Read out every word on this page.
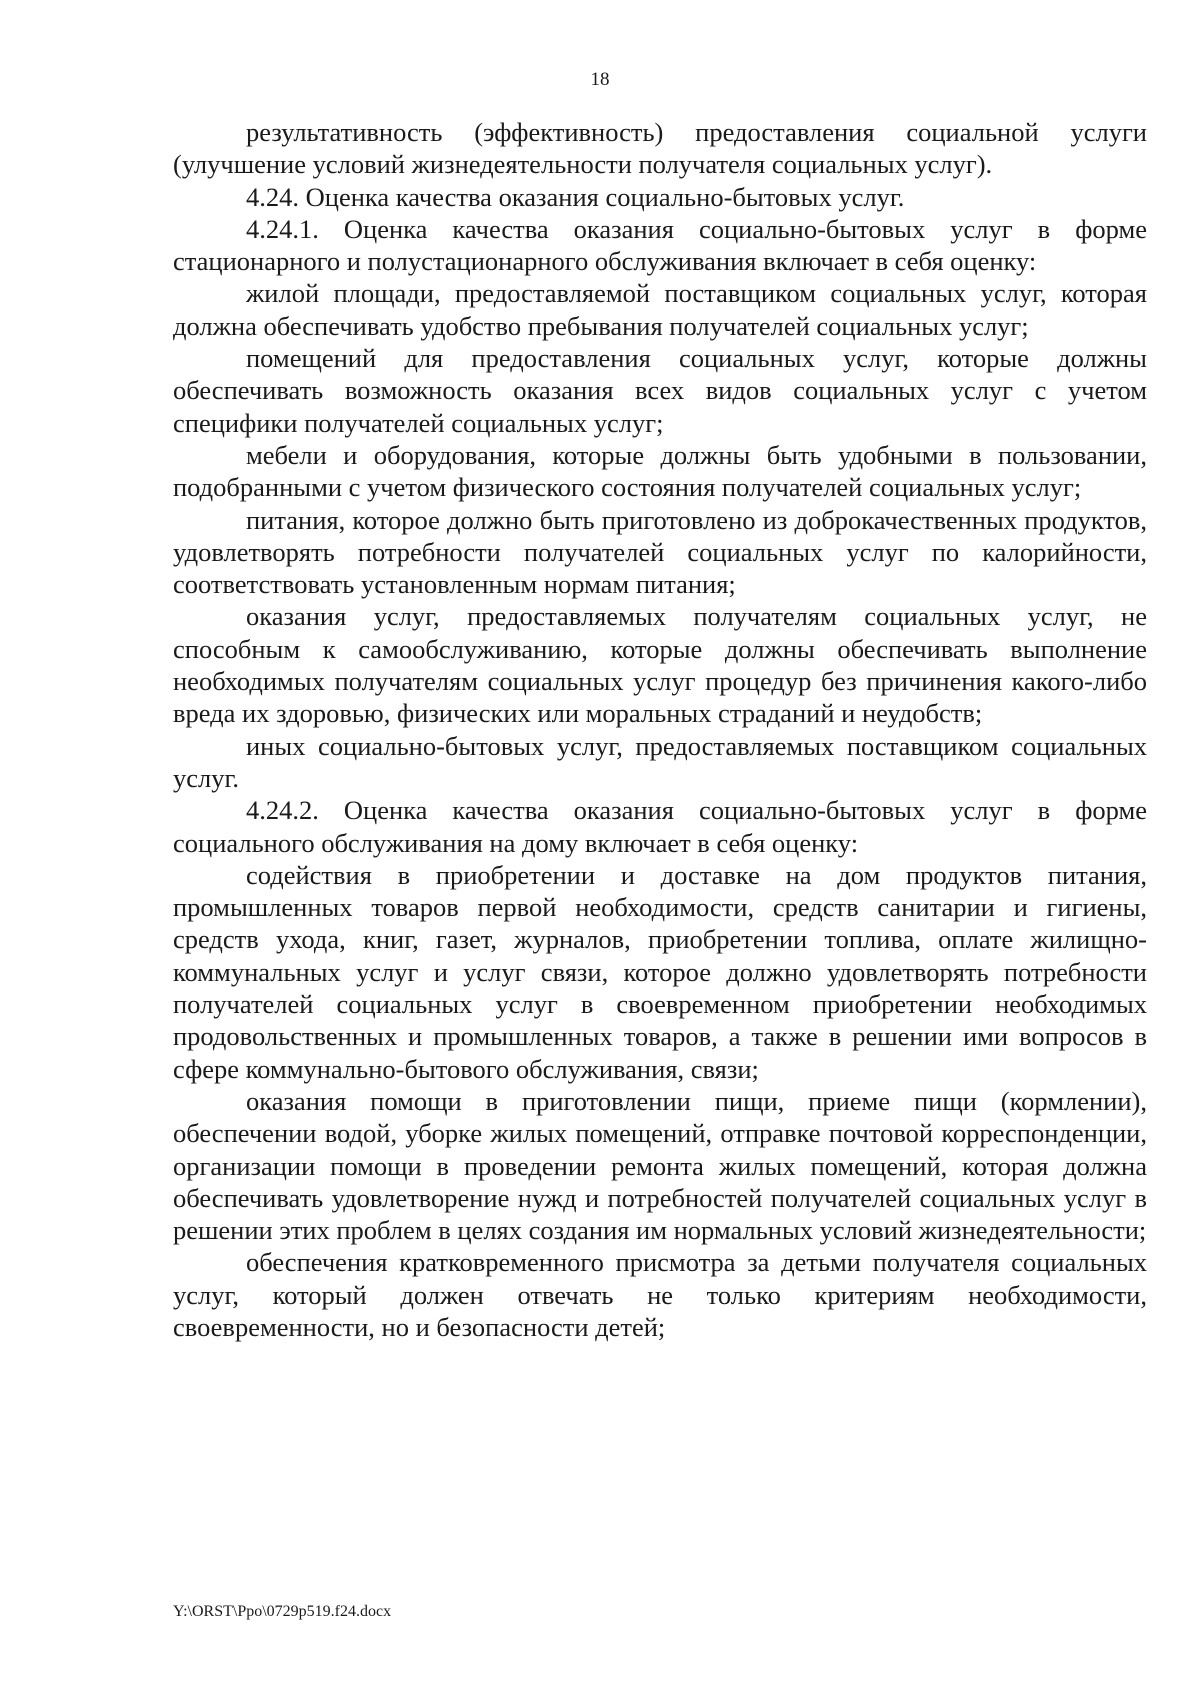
18

результативность (эффективность) предоставления социальной услуги (улучшение условий жизнедеятельности получателя социальных услуг).

4.24. Оценка качества оказания социально-бытовых услуг.

4.24.1. Оценка качества оказания социально-бытовых услуг в форме стационарного и полустационарного обслуживания включает в себя оценку:

жилой площади, предоставляемой поставщиком социальных услуг, которая должна обеспечивать удобство пребывания получателей социальных услуг;

помещений для предоставления социальных услуг, которые должны обеспечивать возможность оказания всех видов социальных услуг с учетом специфики получателей социальных услуг;

мебели и оборудования, которые должны быть удобными в пользовании, подобранными с учетом физического состояния получателей социальных услуг;

питания, которое должно быть приготовлено из доброкачественных продуктов, удовлетворять потребности получателей социальных услуг по калорийности, соответствовать установленным нормам питания;

оказания услуг, предоставляемых получателям социальных услуг, не способным к самообслуживанию, которые должны обеспечивать выполнение необходимых получателям социальных услуг процедур без причинения какого-либо вреда их здоровью, физических или моральных страданий и неудобств;

иных социально-бытовых услуг, предоставляемых поставщиком социальных услуг.

4.24.2. Оценка качества оказания социально-бытовых услуг в форме социального обслуживания на дому включает в себя оценку:

содействия в приобретении и доставке на дом продуктов питания, промышленных товаров первой необходимости, средств санитарии и гигиены, средств ухода, книг, газет, журналов, приобретении топлива, оплате жилищно-коммунальных услуг и услуг связи, которое должно удовлетворять потребности получателей социальных услуг в своевременном приобретении необходимых продовольственных и промышленных товаров, а также в решении ими вопросов в сфере коммунально-бытового обслуживания, связи;

оказания помощи в приготовлении пищи, приеме пищи (кормлении), обеспечении водой, уборке жилых помещений, отправке почтовой корреспонденции, организации помощи в проведении ремонта жилых помещений, которая должна обеспечивать удовлетворение нужд и потребностей получателей социальных услуг в решении этих проблем в целях создания им нормальных условий жизнедеятельности;

обеспечения кратковременного присмотра за детьми получателя социальных услуг, который должен отвечать не только критериям необходимости, своевременности, но и безопасности детей;

Y:\ORST\Ppo\0729p519.f24.docx
